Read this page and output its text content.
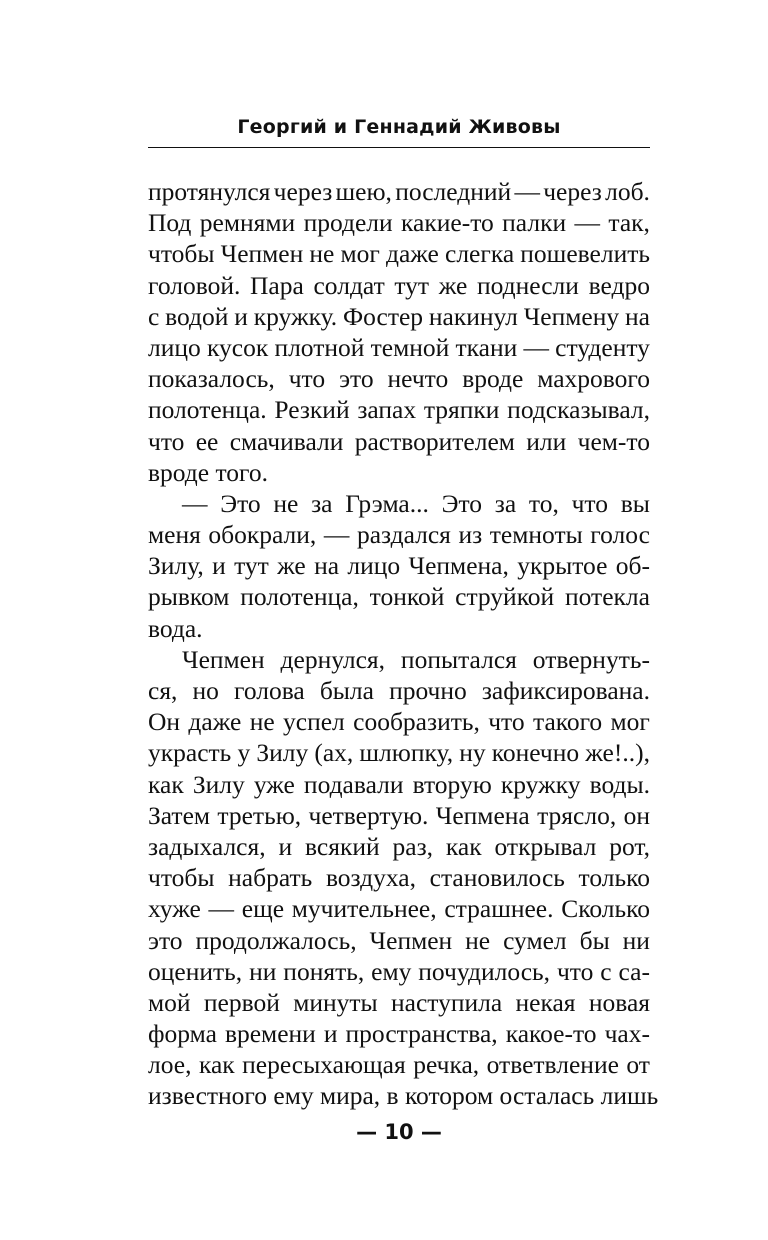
Георгий и Геннадий Живовы
протянулся через шею, последний — через лоб.
Под ремнями продели какие-то палки — так,
чтобы Чепмен не мог даже слегка пошевелить
головой. Пара солдат тут же поднесли ведро
с водой и кружку. Фостер накинул Чепмену на
лицо кусок плотной темной ткани — студенту
показалось, что это нечто вроде махрового
полотенца. Резкий запах тряпки подсказывал,
что ее смачивали растворителем или чем-то
вроде того.
— Это не за Грэма... Это за то, что вы
меня обокрали, — раздался из темноты голос
Зилу, и тут же на лицо Чепмена, укрытое об-
рывком полотенца, тонкой струйкой потекла
вода.
Чепмен дернулся, попытался отвернуть-
ся, но голова была прочно зафиксирована.
Он даже не успел сообразить, что такого мог
украсть у Зилу (ах, шлюпку, ну конечно же!..),
как Зилу уже подавали вторую кружку воды.
Затем третью, четвертую. Чепмена трясло, он
задыхался, и всякий раз, как открывал рот,
чтобы набрать воздуха, становилось только
хуже — еще мучительнее, страшнее. Сколько
это продолжалось, Чепмен не сумел бы ни
оценить, ни понять, ему почудилось, что с са-
мой первой минуты наступила некая новая
форма времени и пространства, какое-то чах-
лое, как пересыхающая речка, ответвление от
известного ему мира, в котором осталась лишь
— 10 —
